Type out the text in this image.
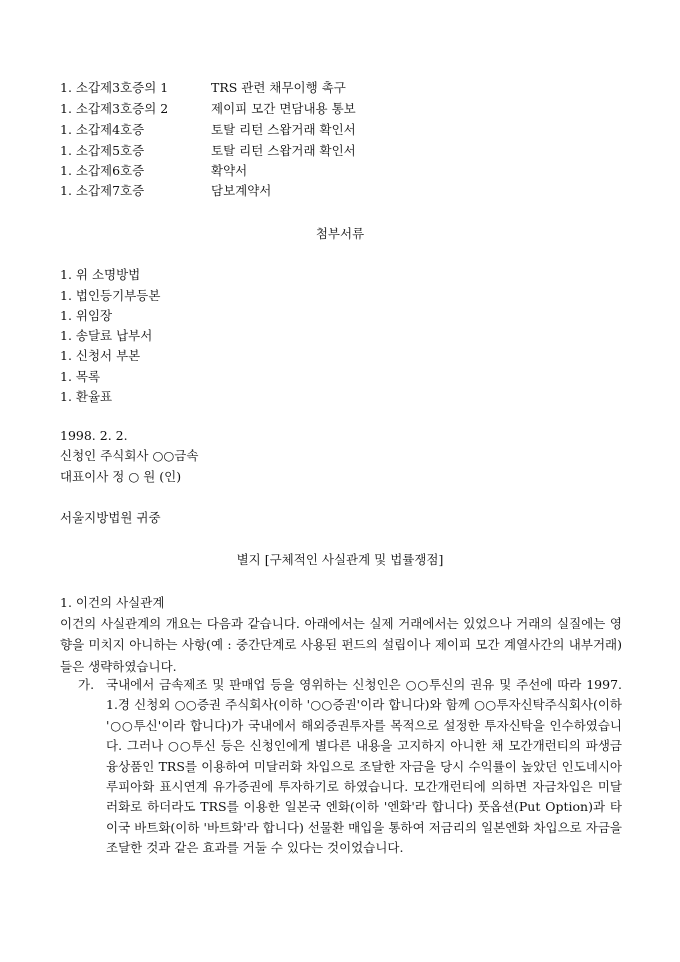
1. 소갑제3호증의 1	TRS 관련 채무이행 촉구
1. 소갑제3호증의 2	제이피 모간 면담내용 통보
1. 소갑제4호증	토탈 리턴 스왑거래 확인서
1. 소갑제5호증	토탈 리턴 스왑거래 확인서
1. 소갑제6호증	확약서
1. 소갑제7호증	담보계약서
첨부서류
1. 위 소명방법
1. 법인등기부등본
1. 위임장
1. 송달료 납부서
1. 신청서 부본
1. 목록
1. 환율표
1998. 2. 2.
신청인 주식회사 ○○금속
대표이사 정 ○ 원 (인)
서울지방법원 귀중
별지 [구체적인 사실관계 및 법률쟁점]
1. 이건의 사실관계
이건의 사실관계의 개요는 다음과 같습니다. 아래에서는 실제 거래에서는 있었으나 거래의 실질에는 영향을 미치지 아니하는 사항(예 : 중간단계로 사용된 펀드의 설립이나 제이피 모간 계열사간의 내부거래)들은 생략하였습니다.
가. 국내에서 금속제조 및 판매업 등을 영위하는 신청인은 ○○투신의 권유 및 주선에 따라 1997. 1.경 신청외 ○○증권 주식회사(이하 '○○증권'이라 합니다)와 함께 ○○투자신탁주식회사(이하 '○○투신'이라 합니다)가 국내에서 해외증권투자를 목적으로 설정한 투자신탁을 인수하였습니다. 그러나 ○○투신 등은 신청인에게 별다른 내용을 고지하지 아니한 채 모간개런티의 파생금융상품인 TRS를 이용하여 미달러화 차입으로 조달한 자금을 당시 수익률이 높았던 인도네시아 루피아화 표시연계 유가증권에 투자하기로 하였습니다. 모간개런티에 의하면 자금차입은 미달러화로 하더라도 TRS를 이용한 일본국 엔화(이하 '엔화'라 합니다) 풋옵션(Put Option)과 타이국 바트화(이하 '바트화'라 합니다) 선물환 매입을 통하여 저금리의 일본엔화 차입으로 자금을 조달한 것과 같은 효과를 거둘 수 있다는 것이었습니다.
